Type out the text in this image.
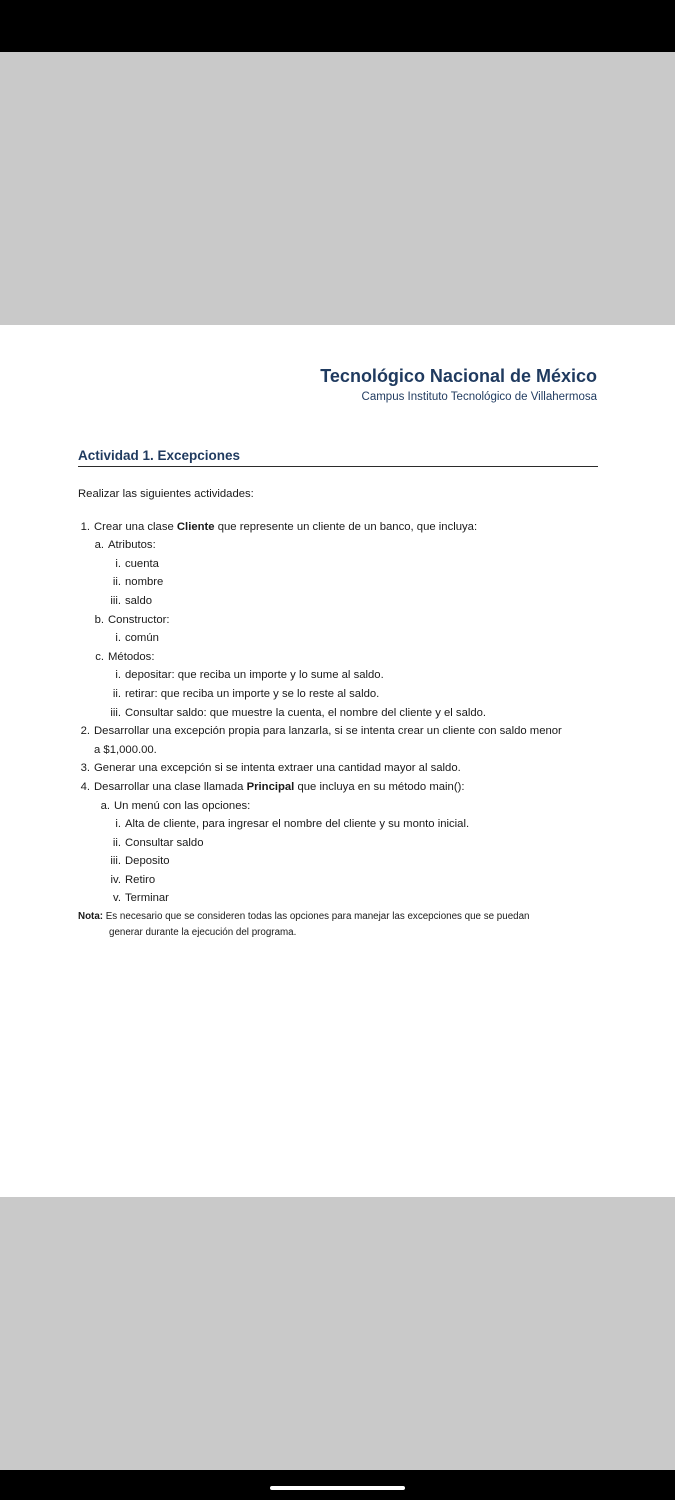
Tecnológico Nacional de México
Campus Instituto Tecnológico de Villahermosa
Actividad 1. Excepciones
Realizar las siguientes actividades:
1. Crear una clase Cliente que represente un cliente de un banco, que incluya:
a. Atributos:
i. cuenta
ii. nombre
iii. saldo
b. Constructor:
i. común
c. Métodos:
i. depositar: que reciba un importe y lo sume al saldo.
ii. retirar: que reciba un importe y se lo reste al saldo.
iii. Consultar saldo: que muestre la cuenta, el nombre del cliente y el saldo.
2. Desarrollar una excepción propia para lanzarla, si se intenta crear un cliente con saldo menor
a $1,000.00.
3. Generar una excepción si se intenta extraer una cantidad mayor al saldo.
4. Desarrollar una clase llamada Principal que incluya en su método main():
a. Un menú con las opciones:
i. Alta de cliente, para ingresar el nombre del cliente y su monto inicial.
ii. Consultar saldo
iii. Deposito
iv. Retiro
v. Terminar
Nota: Es necesario que se consideren todas las opciones para manejar las excepciones que se puedan
generar durante la ejecución del programa.
